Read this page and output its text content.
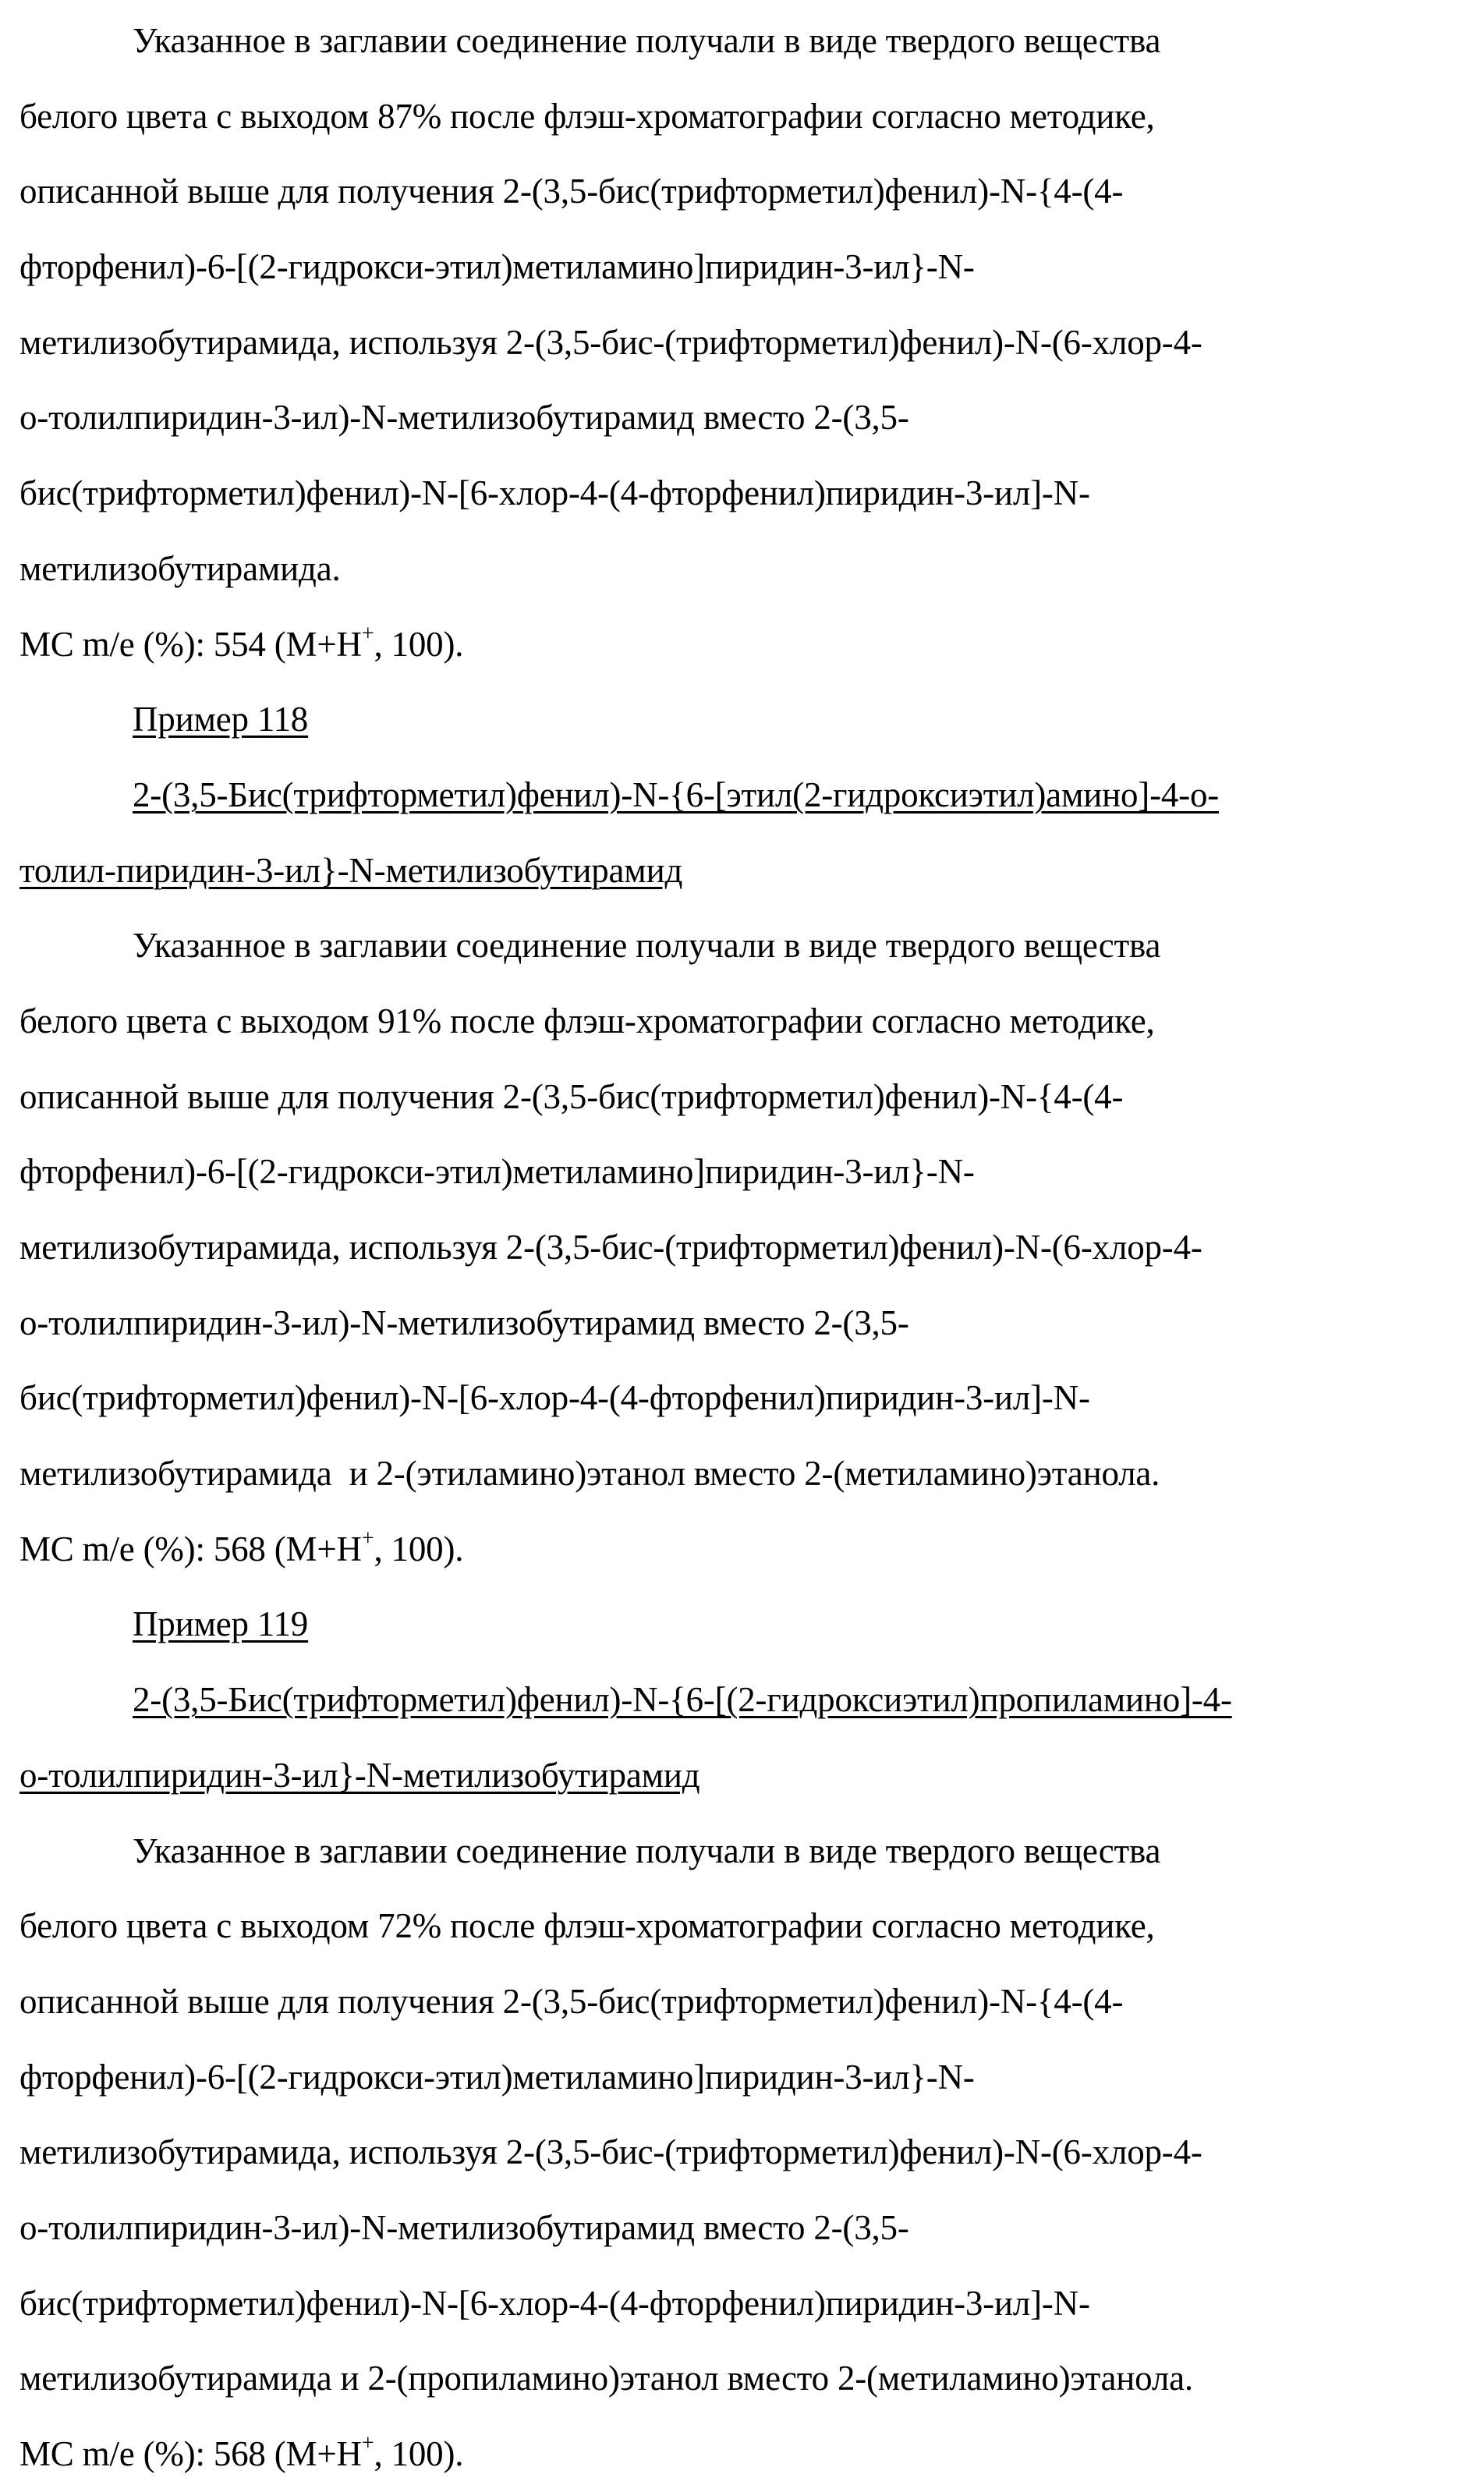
Указанное в заглавии соединение получали в виде твердого вещества
белого цвета с выходом 87% после флэш-хроматографии согласно методике,
описанной выше для получения 2-(3,5-бис(трифторметил)фенил)-N-{4-(4-
фторфенил)-6-[(2-гидрокси-этил)метиламино]пиридин-3-ил}-N-
метилизобутирамида, используя 2-(3,5-бис-(трифторметил)фенил)-N-(6-хлор-4-
о-толилпиридин-3-ил)-N-метилизобутирамид вместо 2-(3,5-
бис(трифторметил)фенил)-N-[6-хлор-4-(4-фторфенил)пиридин-3-ил]-N-
метилизобутирамида.
МС m/e (%): 554 (M+H+, 100).
Пример 118
2-(3,5-Бис(трифторметил)фенил)-N-{6-[этил(2-гидроксиэтил)амино]-4-о-
толил-пиридин-3-ил}-N-метилизобутирамид
Указанное в заглавии соединение получали в виде твердого вещества
белого цвета с выходом 91% после флэш-хроматографии согласно методике,
описанной выше для получения 2-(3,5-бис(трифторметил)фенил)-N-{4-(4-
фторфенил)-6-[(2-гидрокси-этил)метиламино]пиридин-3-ил}-N-
метилизобутирамида, используя 2-(3,5-бис-(трифторметил)фенил)-N-(6-хлор-4-
о-толилпиридин-3-ил)-N-метилизобутирамид вместо 2-(3,5-
бис(трифторметил)фенил)-N-[6-хлор-4-(4-фторфенил)пиридин-3-ил]-N-
метилизобутирамида  и 2-(этиламино)этанол вместо 2-(метиламино)этанола.
МС m/e (%): 568 (M+H+, 100).
Пример 119
2-(3,5-Бис(трифторметил)фенил)-N-{6-[(2-гидроксиэтил)пропиламино]-4-
о-толилпиридин-3-ил}-N-метилизобутирамид
Указанное в заглавии соединение получали в виде твердого вещества
белого цвета с выходом 72% после флэш-хроматографии согласно методике,
описанной выше для получения 2-(3,5-бис(трифторметил)фенил)-N-{4-(4-
фторфенил)-6-[(2-гидрокси-этил)метиламино]пиридин-3-ил}-N-
метилизобутирамида, используя 2-(3,5-бис-(трифторметил)фенил)-N-(6-хлор-4-
о-толилпиридин-3-ил)-N-метилизобутирамид вместо 2-(3,5-
бис(трифторметил)фенил)-N-[6-хлор-4-(4-фторфенил)пиридин-3-ил]-N-
метилизобутирамида и 2-(пропиламино)этанол вместо 2-(метиламино)этанола.
МС m/e (%): 568 (M+H+, 100).
